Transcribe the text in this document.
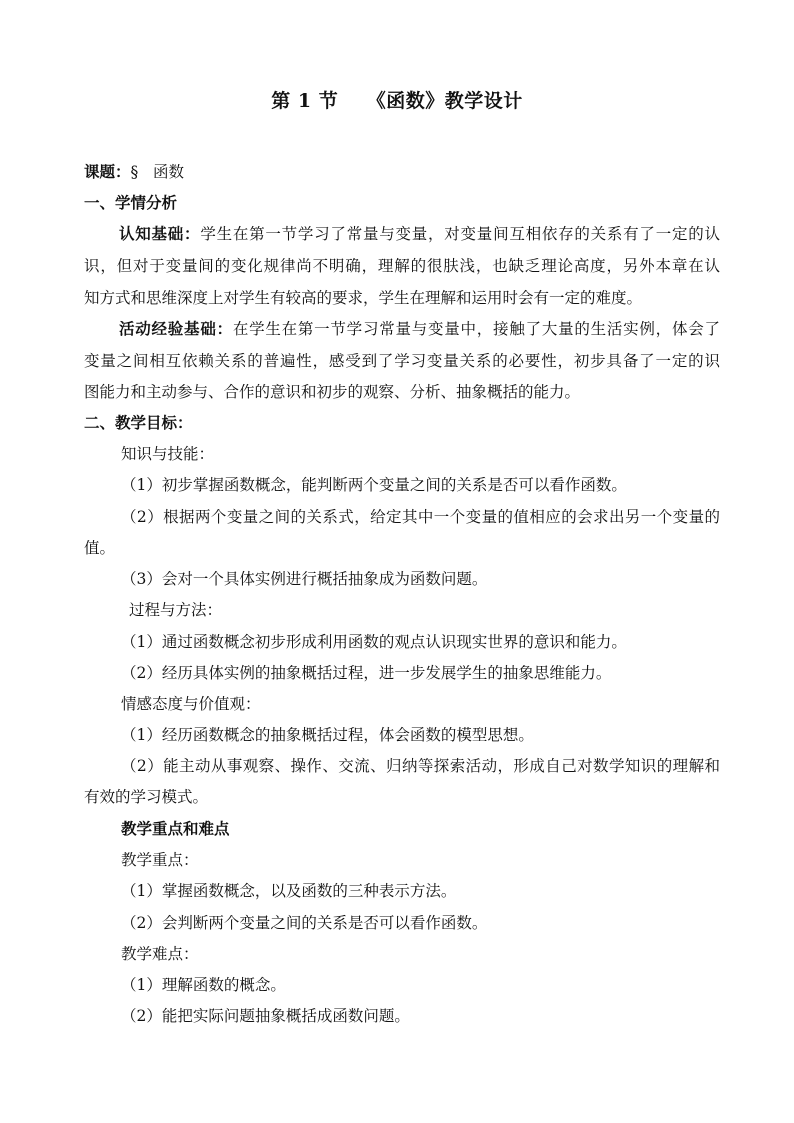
第 1 节    《函数》教学设计
课题：§   函数
一、学情分析
认知基础：学生在第一节学习了常量与变量，对变量间互相依存的关系有了一定的认
识，但对于变量间的变化规律尚不明确，理解的很肤浅，也缺乏理论高度，另外本章在认
知方式和思维深度上对学生有较高的要求，学生在理解和运用时会有一定的难度。
活动经验基础：在学生在第一节学习常量与变量中，接触了大量的生活实例，体会了
变量之间相互依赖关系的普遍性，感受到了学习变量关系的必要性，初步具备了一定的识
图能力和主动参与、合作的意识和初步的观察、分析、抽象概括的能力。
二、教学目标：
知识与技能：
（1）初步掌握函数概念，能判断两个变量之间的关系是否可以看作函数。
（2）根据两个变量之间的关系式，给定其中一个变量的值相应的会求出另一个变量的
值。
（3）会对一个具体实例进行概括抽象成为函数问题。
过程与方法：
（1）通过函数概念初步形成利用函数的观点认识现实世界的意识和能力。
（2）经历具体实例的抽象概括过程，进一步发展学生的抽象思维能力。
情感态度与价值观：
（1）经历函数概念的抽象概括过程，体会函数的模型思想。
（2）能主动从事观察、操作、交流、归纳等探索活动，形成自己对数学知识的理解和
有效的学习模式。
教学重点和难点
教学重点：
（1）掌握函数概念，以及函数的三种表示方法。
（2）会判断两个变量之间的关系是否可以看作函数。
教学难点：
（1）理解函数的概念。
（2）能把实际问题抽象概括成函数问题。
